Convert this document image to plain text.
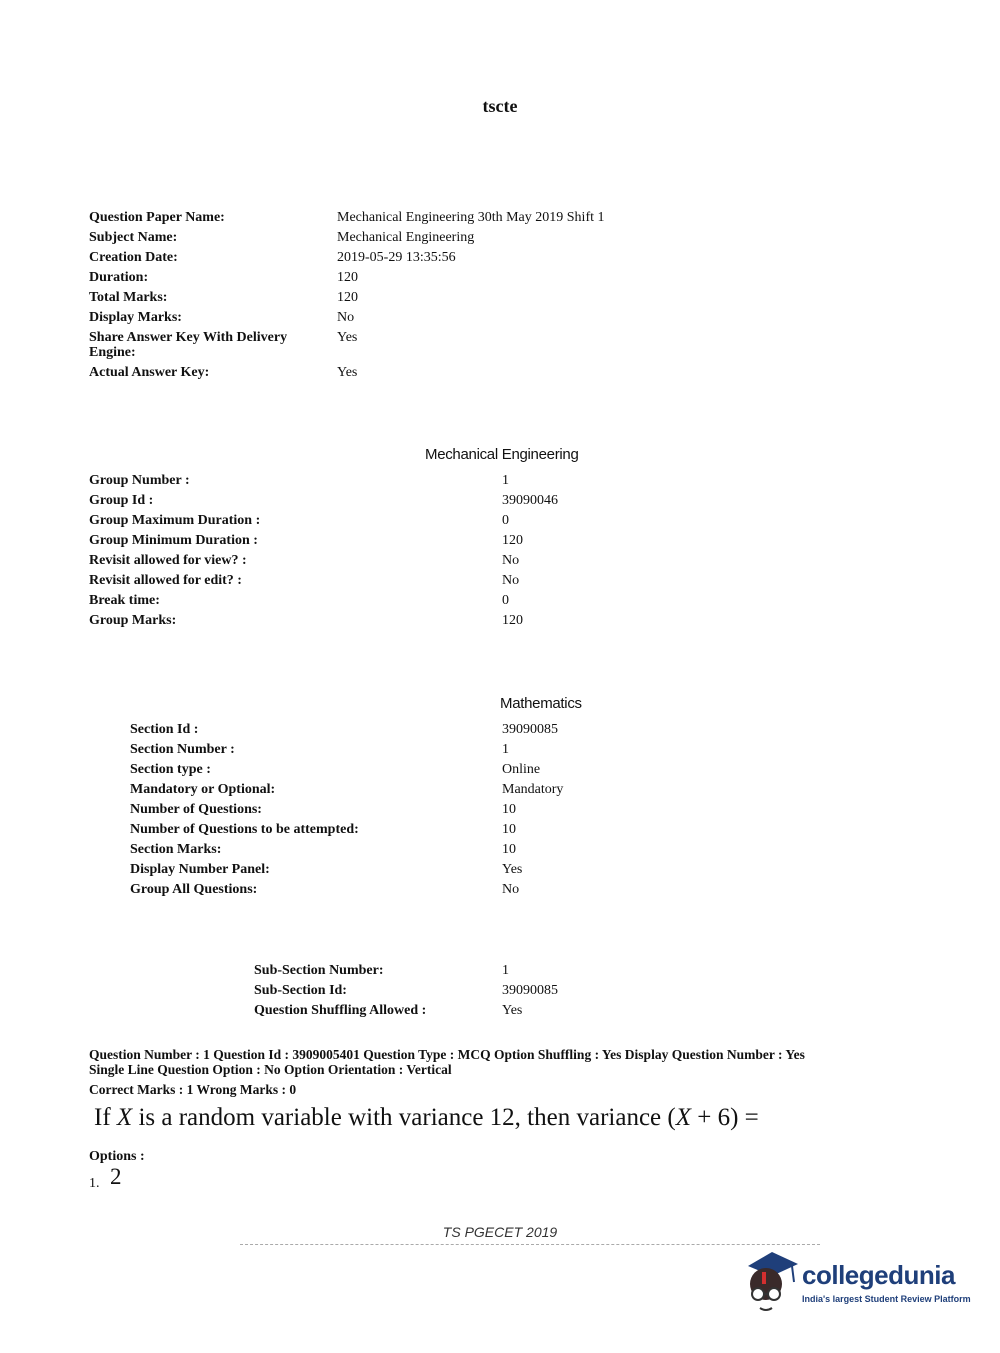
tscte
Question Paper Name:	Mechanical Engineering 30th May 2019 Shift 1
Subject Name:	Mechanical Engineering
Creation Date:	2019-05-29 13:35:56
Duration:	120
Total Marks:	120
Display Marks:	No
Share Answer Key With Delivery
Engine:
Yes
Actual Answer Key:	Yes
Mechanical Engineering
Group Number :	1
Group Id :	39090046
Group Maximum Duration :	0
Group Minimum Duration :	120
Revisit allowed for view? :	No
Revisit allowed for edit? :	No
Break time:	0
Group Marks:	120
Mathematics
Section Id :	39090085
Section Number :	1
Section type :	Online
Mandatory or Optional:	Mandatory
Number of Questions:	10
Number of Questions to be attempted:	10
Section Marks:	10
Display Number Panel:	Yes
Group All Questions:	No
Sub-Section Number:	1
Sub-Section Id:	39090085
Question Shuffling Allowed :	Yes
Question Number : 1 Question Id : 3909005401 Question Type : MCQ Option Shuffling : Yes Display Question Number : Yes
Single Line Question Option : No Option Orientation : Vertical
Correct Marks : 1 Wrong Marks : 0
If X is a random variable with variance 12, then variance (X + 6) =
Options :
1. 2
TS PGECET 2019
collegedunia
India's largest Student Review Platform
